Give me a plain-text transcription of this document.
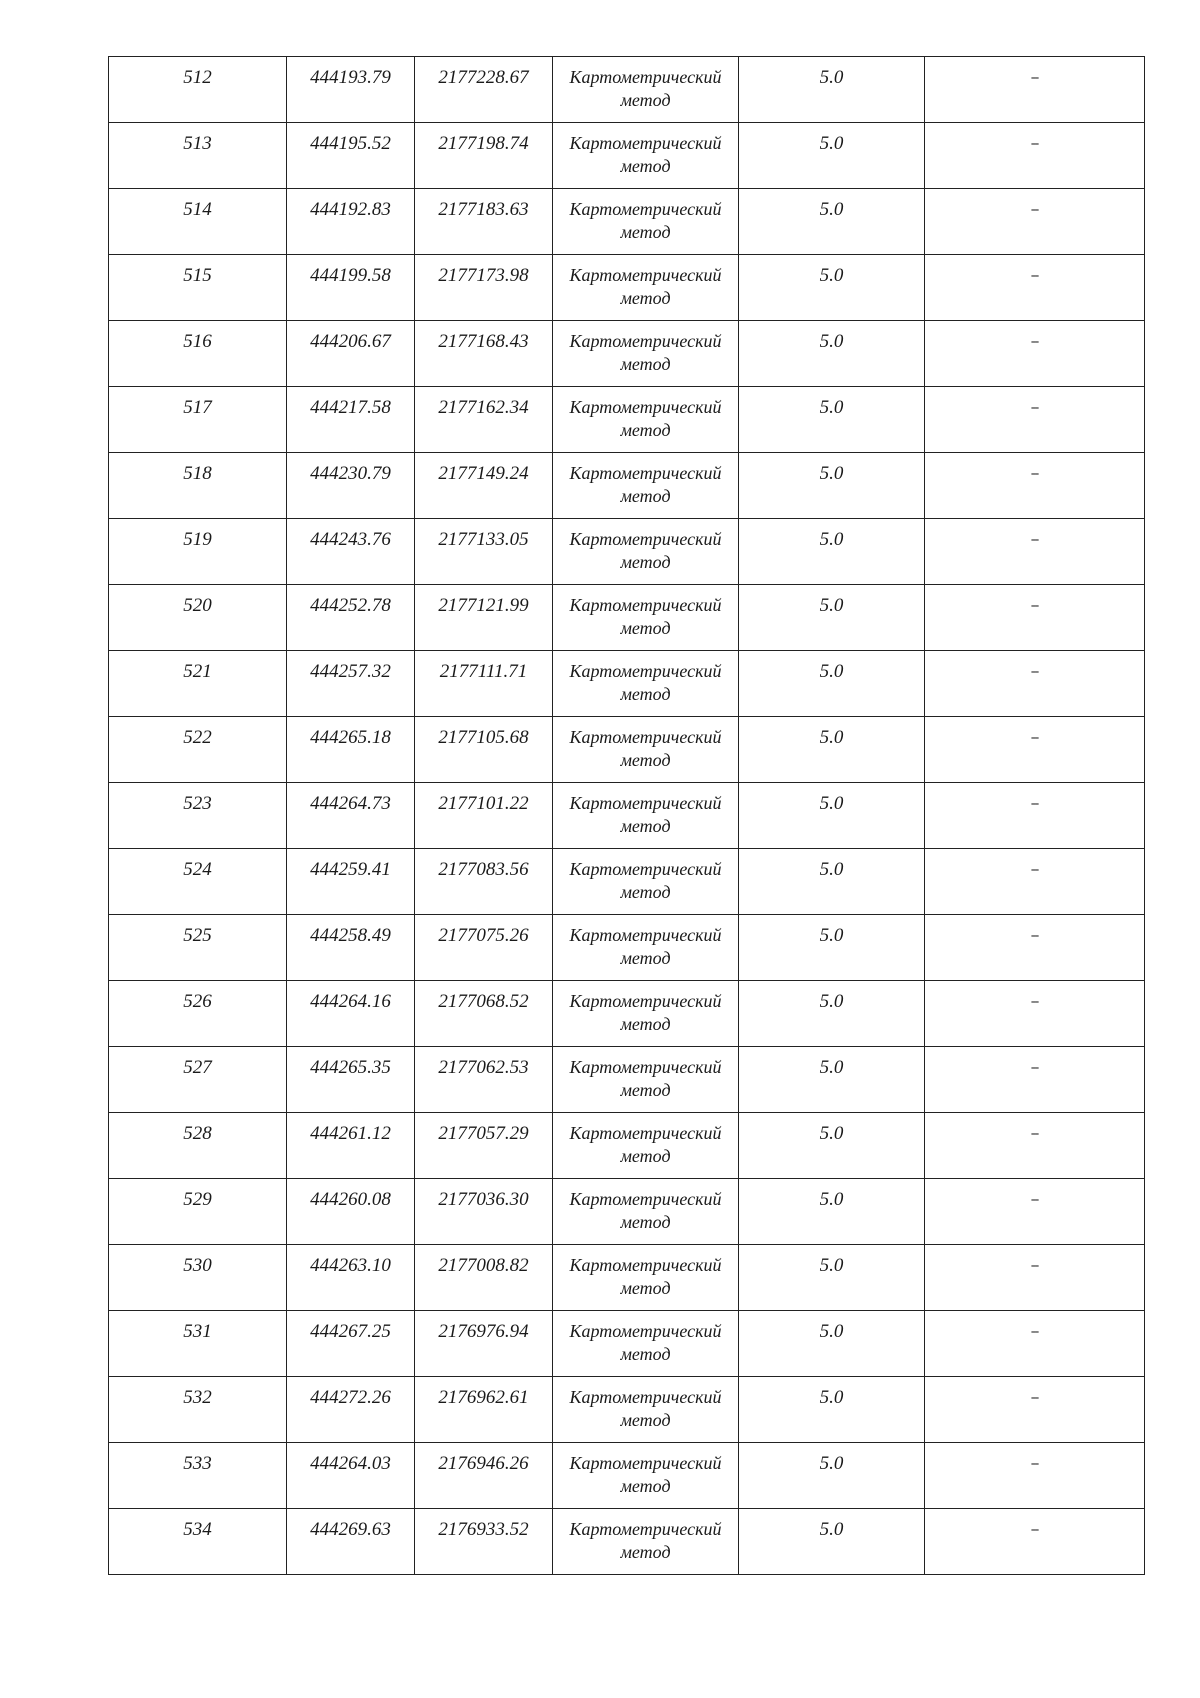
512	444193.79	2177228.67	Картометрический метод	5.0	--

513	444195.52	2177198.74	Картометрический метод	5.0	--

514	444192.83	2177183.63	Картометрический метод	5.0	--

515	444199.58	2177173.98	Картометрический метод	5.0	--

516	444206.67	2177168.43	Картометрический метод	5.0	--

517	444217.58	2177162.34	Картометрический метод	5.0	--

518	444230.79	2177149.24	Картометрический метод	5.0	--

519	444243.76	2177133.05	Картометрический метод	5.0	--

520	444252.78	2177121.99	Картометрический метод	5.0	--

521	444257.32	2177111.71	Картометрический метод	5.0	--

522	444265.18	2177105.68	Картометрический метод	5.0	--

523	444264.73	2177101.22	Картометрический метод	5.0	--

524	444259.41	2177083.56	Картометрический метод	5.0	--

525	444258.49	2177075.26	Картометрический метод	5.0	--

526	444264.16	2177068.52	Картометрический метод	5.0	--

527	444265.35	2177062.53	Картометрический метод	5.0	--

528	444261.12	2177057.29	Картометрический метод	5.0	--

529	444260.08	2177036.30	Картометрический метод	5.0	--

530	444263.10	2177008.82	Картометрический метод	5.0	--

531	444267.25	2176976.94	Картометрический метод	5.0	--

532	444272.26	2176962.61	Картометрический метод	5.0	--

533	444264.03	2176946.26	Картометрический метод	5.0	--

534	444269.63	2176933.52	Картометрический метод	5.0	--
